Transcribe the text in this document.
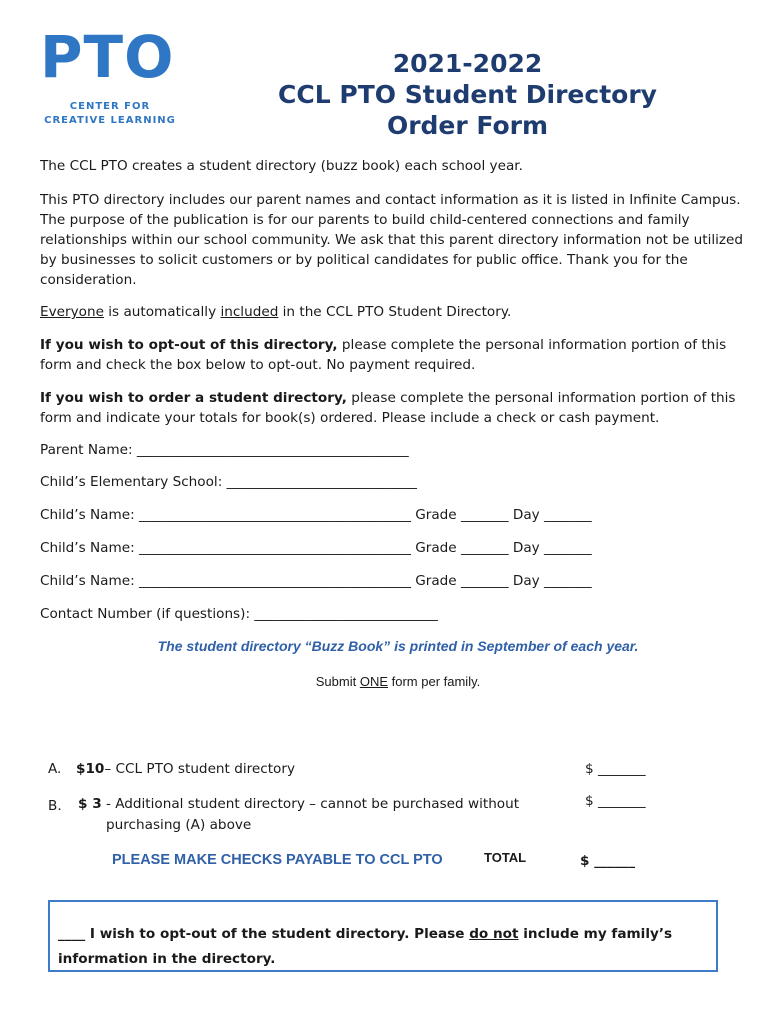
PTO
CENTER FOR
CREATIVE LEARNING
2021-2022
CCL PTO Student Directory
Order Form

The CCL PTO creates a student directory (buzz book) each school year.

This PTO directory includes our parent names and contact information as it is listed in Infinite Campus. The purpose of the publication is for our parents to build child-centered connections and family relationships within our school community. We ask that this parent directory information not be utilized by businesses to solicit customers or by political candidates for public office. Thank you for the consideration.

Everyone is automatically included in the CCL PTO Student Directory.

If you wish to opt-out of this directory, please complete the personal information portion of this form and check the box below to opt-out. No payment required.

If you wish to order a student directory, please complete the personal information portion of this form and indicate your totals for book(s) ordered. Please include a check or cash payment.

Parent Name: ________________________________________
Child’s Elementary School: ____________________________
Child’s Name: ________________________________________ Grade _______ Day _______
Child’s Name: ________________________________________ Grade _______ Day _______
Child’s Name: ________________________________________ Grade _______ Day _______
Contact Number (if questions): ___________________________
The student directory “Buzz Book” is printed in September of each year.
Submit ONE form per family.
A. $10– CCL PTO student directory	$ _______
B. $ 3 - Additional student directory – cannot be purchased without
purchasing (A) above
$ _______
PLEASE MAKE CHECKS PAYABLE TO CCL PTO	TOTAL	$ ______
____ I wish to opt-out of the student directory. Please do not include my family’s
information in the directory.
